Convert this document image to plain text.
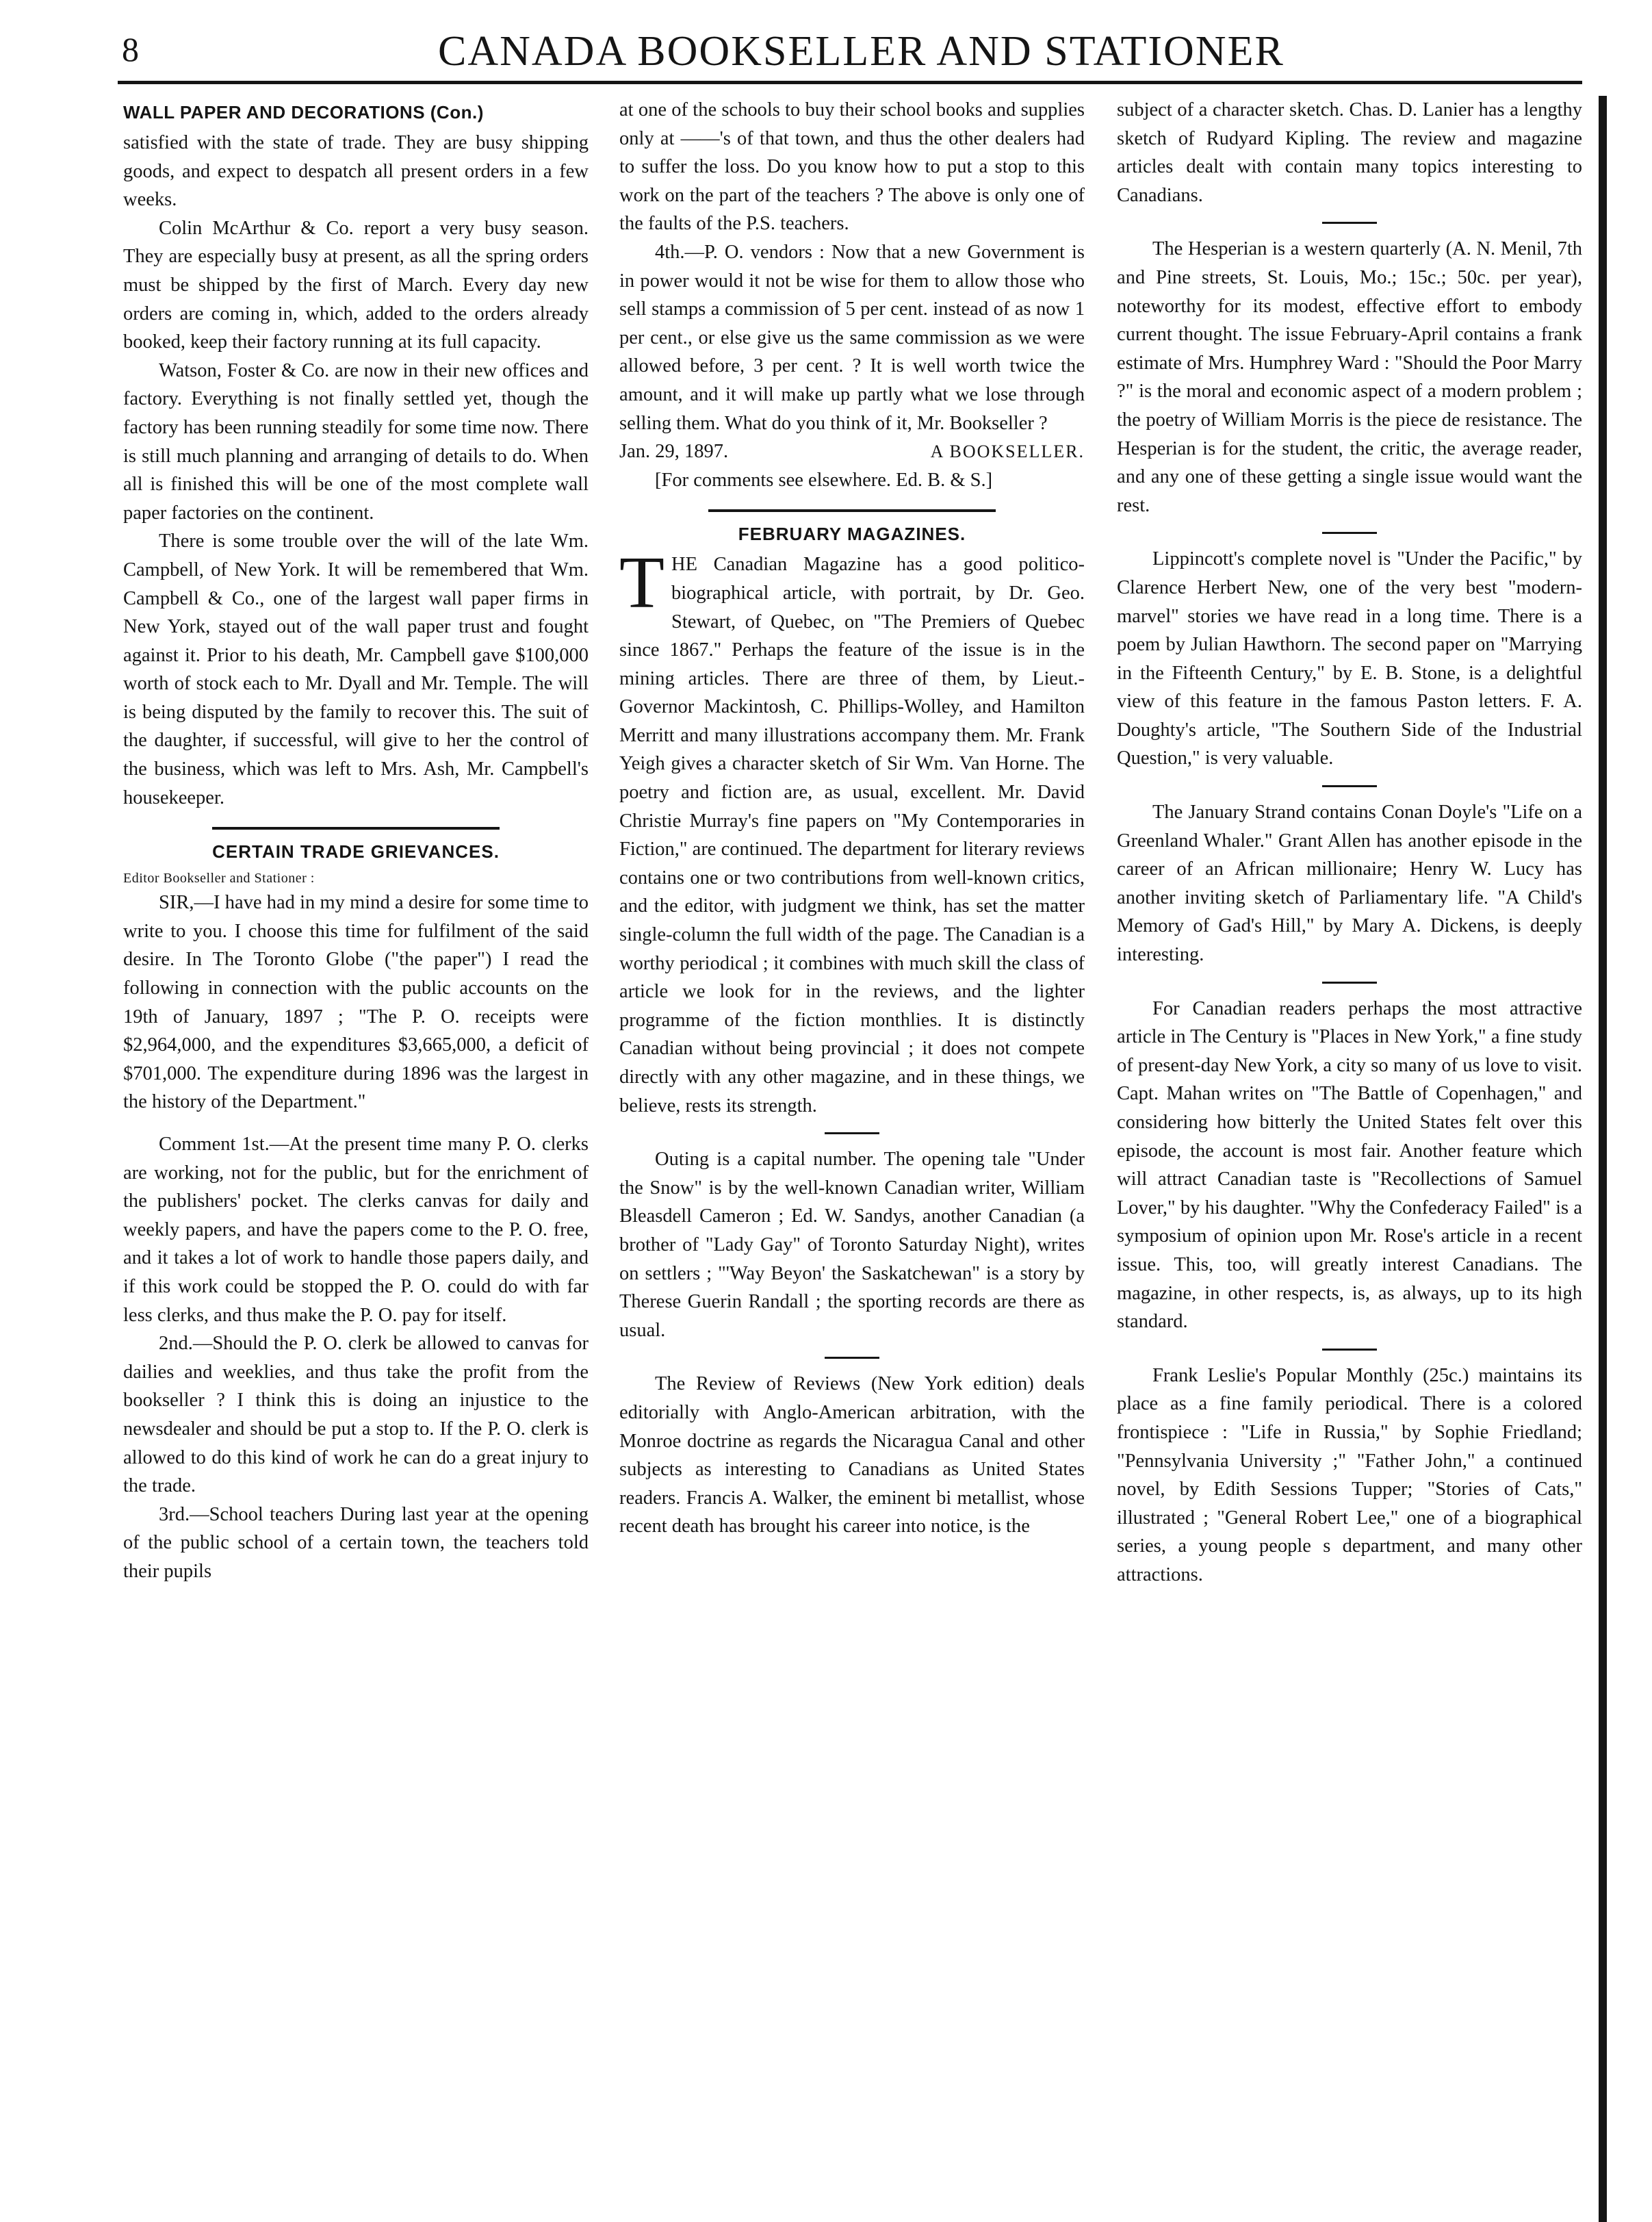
8	CANADA BOOKSELLER AND STATIONER
WALL PAPER AND DECORATIONS (Con.)

satisfied with the state of trade. They are busy shipping goods, and expect to despatch all present orders in a few weeks.

Colin McArthur & Co. report a very busy season. They are especially busy at present, as all the spring orders must be shipped by the first of March. Every day new orders are coming in, which, added to the orders already booked, keep their factory running at its full capacity.

Watson, Foster & Co. are now in their new offices and factory. Everything is not finally settled yet, though the factory has been running steadily for some time now. There is still much planning and arranging of details to do. When all is finished this will be one of the most complete wall paper factories on the continent.

There is some trouble over the will of the late Wm. Campbell, of New York. It will be remembered that Wm. Campbell & Co., one of the largest wall paper firms in New York, stayed out of the wall paper trust and fought against it. Prior to his death, Mr. Campbell gave $100,000 worth of stock each to Mr. Dyall and Mr. Temple. The will is being disputed by the family to recover this. The suit of the daughter, if successful, will give to her the control of the business, which was left to Mrs. Ash, Mr. Campbell's housekeeper.

CERTAIN TRADE GRIEVANCES.

Editor Bookseller and Stationer :

SIR,—I have had in my mind a desire for some time to write to you. I choose this time for fulfilment of the said desire. In The Toronto Globe ("the paper") I read the following in connection with the public accounts on the 19th of January, 1897 ; "The P. O. receipts were $2,964,000, and the expenditures $3,665,000, a deficit of $701,000. The expenditure during 1896 was the largest in the history of the Department."

Comment 1st.—At the present time many P. O. clerks are working, not for the public, but for the enrichment of the publishers' pocket. The clerks canvas for daily and weekly papers, and have the papers come to the P. O. free, and it takes a lot of work to handle those papers daily, and if this work could be stopped the P. O. could do with far less clerks, and thus make the P. O. pay for itself.

2nd.—Should the P. O. clerk be allowed to canvas for dailies and weeklies, and thus take the profit from the bookseller ? I think this is doing an injustice to the newsdealer and should be put a stop to. If the P. O. clerk is allowed to do this kind of work he can do a great injury to the trade.

3rd.—School teachers During last year at the opening of the public school of a certain town, the teachers told their pupils

at one of the schools to buy their school books and supplies only at ——'s of that town, and thus the other dealers had to suffer the loss. Do you know how to put a stop to this work on the part of the teachers ? The above is only one of the faults of the P.S. teachers.

4th.—P. O. vendors : Now that a new Government is in power would it not be wise for them to allow those who sell stamps a commission of 5 per cent. instead of as now 1 per cent., or else give us the same commission as we were allowed before, 3 per cent. ? It is well worth twice the amount, and it will make up partly what we lose through selling them. What do you think of it, Mr. Bookseller ?

Jan. 29, 1897.	A BOOKSELLER.

[For comments see elsewhere. Ed. B. & S.]

FEBRUARY MAGAZINES.

THE Canadian Magazine has a good politico-biographical article, with portrait, by Dr. Geo. Stewart, of Quebec, on "The Premiers of Quebec since 1867." Perhaps the feature of the issue is in the mining articles. There are three of them, by Lieut.-Governor Mackintosh, C. Phillips-Wolley, and Hamilton Merritt and many illustrations accompany them. Mr. Frank Yeigh gives a character sketch of Sir Wm. Van Horne. The poetry and fiction are, as usual, excellent. Mr. David Christie Murray's fine papers on "My Contemporaries in Fiction," are continued. The department for literary reviews contains one or two contributions from well-known critics, and the editor, with judgment we think, has set the matter single-column the full width of the page. The Canadian is a worthy periodical ; it combines with much skill the class of article we look for in the reviews, and the lighter programme of the fiction monthlies. It is distinctly Canadian without being provincial ; it does not compete directly with any other magazine, and in these things, we believe, rests its strength.

Outing is a capital number. The opening tale "Under the Snow" is by the well-known Canadian writer, William Bleasdell Cameron ; Ed. W. Sandys, another Canadian (a brother of "Lady Gay" of Toronto Saturday Night), writes on settlers ; "'Way Beyon' the Saskatchewan" is a story by Therese Guerin Randall ; the sporting records are there as usual.

The Review of Reviews (New York edition) deals editorially with Anglo-American arbitration, with the Monroe doctrine as regards the Nicaragua Canal and other subjects as interesting to Canadians as United States readers. Francis A. Walker, the eminent bi metallist, whose recent death has brought his career into notice, is the

subject of a character sketch. Chas. D. Lanier has a lengthy sketch of Rudyard Kipling. The review and magazine articles dealt with contain many topics interesting to Canadians.

The Hesperian is a western quarterly (A. N. Menil, 7th and Pine streets, St. Louis, Mo.; 15c.; 50c. per year), noteworthy for its modest, effective effort to embody current thought. The issue February-April contains a frank estimate of Mrs. Humphrey Ward : "Should the Poor Marry ?" is the moral and economic aspect of a modern problem ; the poetry of William Morris is the piece de resistance. The Hesperian is for the student, the critic, the average reader, and any one of these getting a single issue would want the rest.

Lippincott's complete novel is "Under the Pacific," by Clarence Herbert New, one of the very best "modern-marvel" stories we have read in a long time. There is a poem by Julian Hawthorn. The second paper on "Marrying in the Fifteenth Century," by E. B. Stone, is a delightful view of this feature in the famous Paston letters. F. A. Doughty's article, "The Southern Side of the Industrial Question," is very valuable.

The January Strand contains Conan Doyle's "Life on a Greenland Whaler." Grant Allen has another episode in the career of an African millionaire; Henry W. Lucy has another inviting sketch of Parliamentary life. "A Child's Memory of Gad's Hill," by Mary A. Dickens, is deeply interesting.

For Canadian readers perhaps the most attractive article in The Century is "Places in New York," a fine study of present-day New York, a city so many of us love to visit. Capt. Mahan writes on "The Battle of Copenhagen," and considering how bitterly the United States felt over this episode, the account is most fair. Another feature which will attract Canadian taste is "Recollections of Samuel Lover," by his daughter. "Why the Confederacy Failed" is a symposium of opinion upon Mr. Rose's article in a recent issue. This, too, will greatly interest Canadians. The magazine, in other respects, is, as always, up to its high standard.

Frank Leslie's Popular Monthly (25c.) maintains its place as a fine family periodical. There is a colored frontispiece : "Life in Russia," by Sophie Friedland; "Pennsylvania University ;" "Father John," a continued novel, by Edith Sessions Tupper; "Stories of Cats," illustrated ; "General Robert Lee," one of a biographical series, a young people s department, and many other attractions.
